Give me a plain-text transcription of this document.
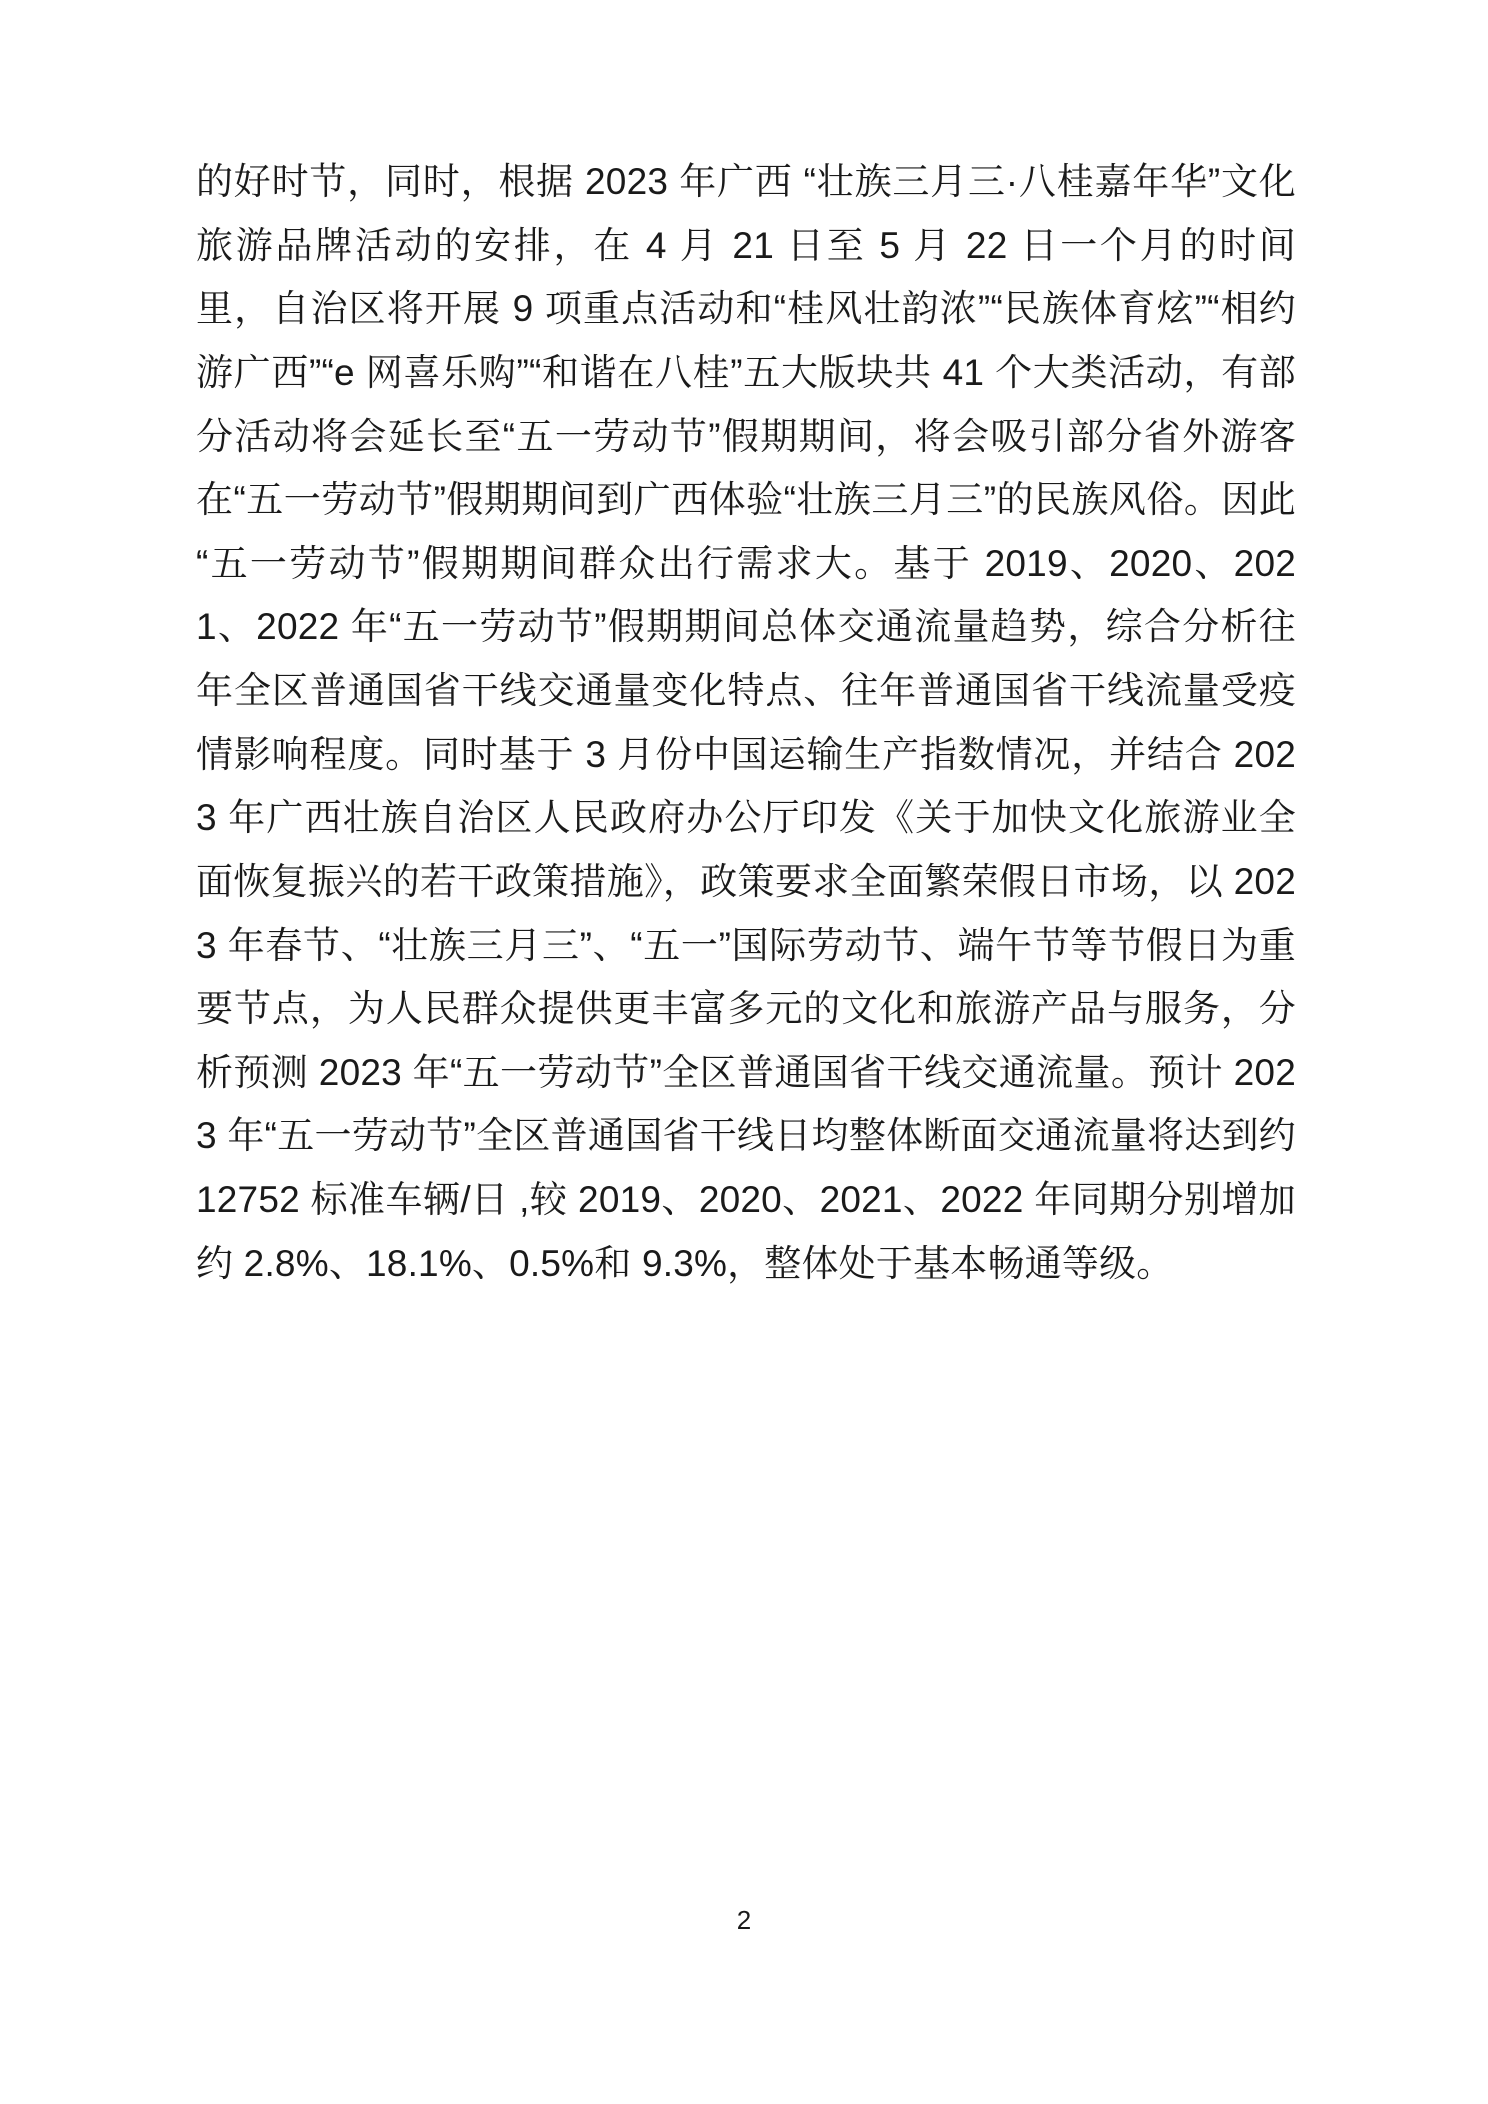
的好时节，同时，根据 2023 年广西 “壮族三月三·八桂嘉年华”文化旅游品牌活动的安排，在 4 月 21 日至 5 月 22 日一个月的时间里，自治区将开展 9 项重点活动和“桂风壮韵浓”“民族体育炫”“相约游广西”“e 网喜乐购”“和谐在八桂”五大版块共 41 个大类活动，有部分活动将会延长至“五一劳动节”假期期间，将会吸引部分省外游客在“五一劳动节”假期期间到广西体验“壮族三月三”的民族风俗。因此“五一劳动节”假期期间群众出行需求大。基于 2019、2020、2021、2022 年“五一劳动节”假期期间总体交通流量趋势，综合分析往年全区普通国省干线交通量变化特点、往年普通国省干线流量受疫情影响程度。同时基于 3 月份中国运输生产指数情况，并结合 2023 年广西壮族自治区人民政府办公厅印发《关于加快文化旅游业全面恢复振兴的若干政策措施》，政策要求全面繁荣假日市场，以 2023 年春节、“壮族三月三”、“五一”国际劳动节、端午节等节假日为重要节点，为人民群众提供更丰富多元的文化和旅游产品与服务，分析预测 2023 年“五一劳动节”全区普通国省干线交通流量。预计 2023 年“五一劳动节”全区普通国省干线日均整体断面交通流量将达到约 12752 标准车辆/日 ,较 2019、2020、2021、2022 年同期分别增加约 2.8%、18.1%、0.5%和 9.3%，整体处于基本畅通等级。

2
